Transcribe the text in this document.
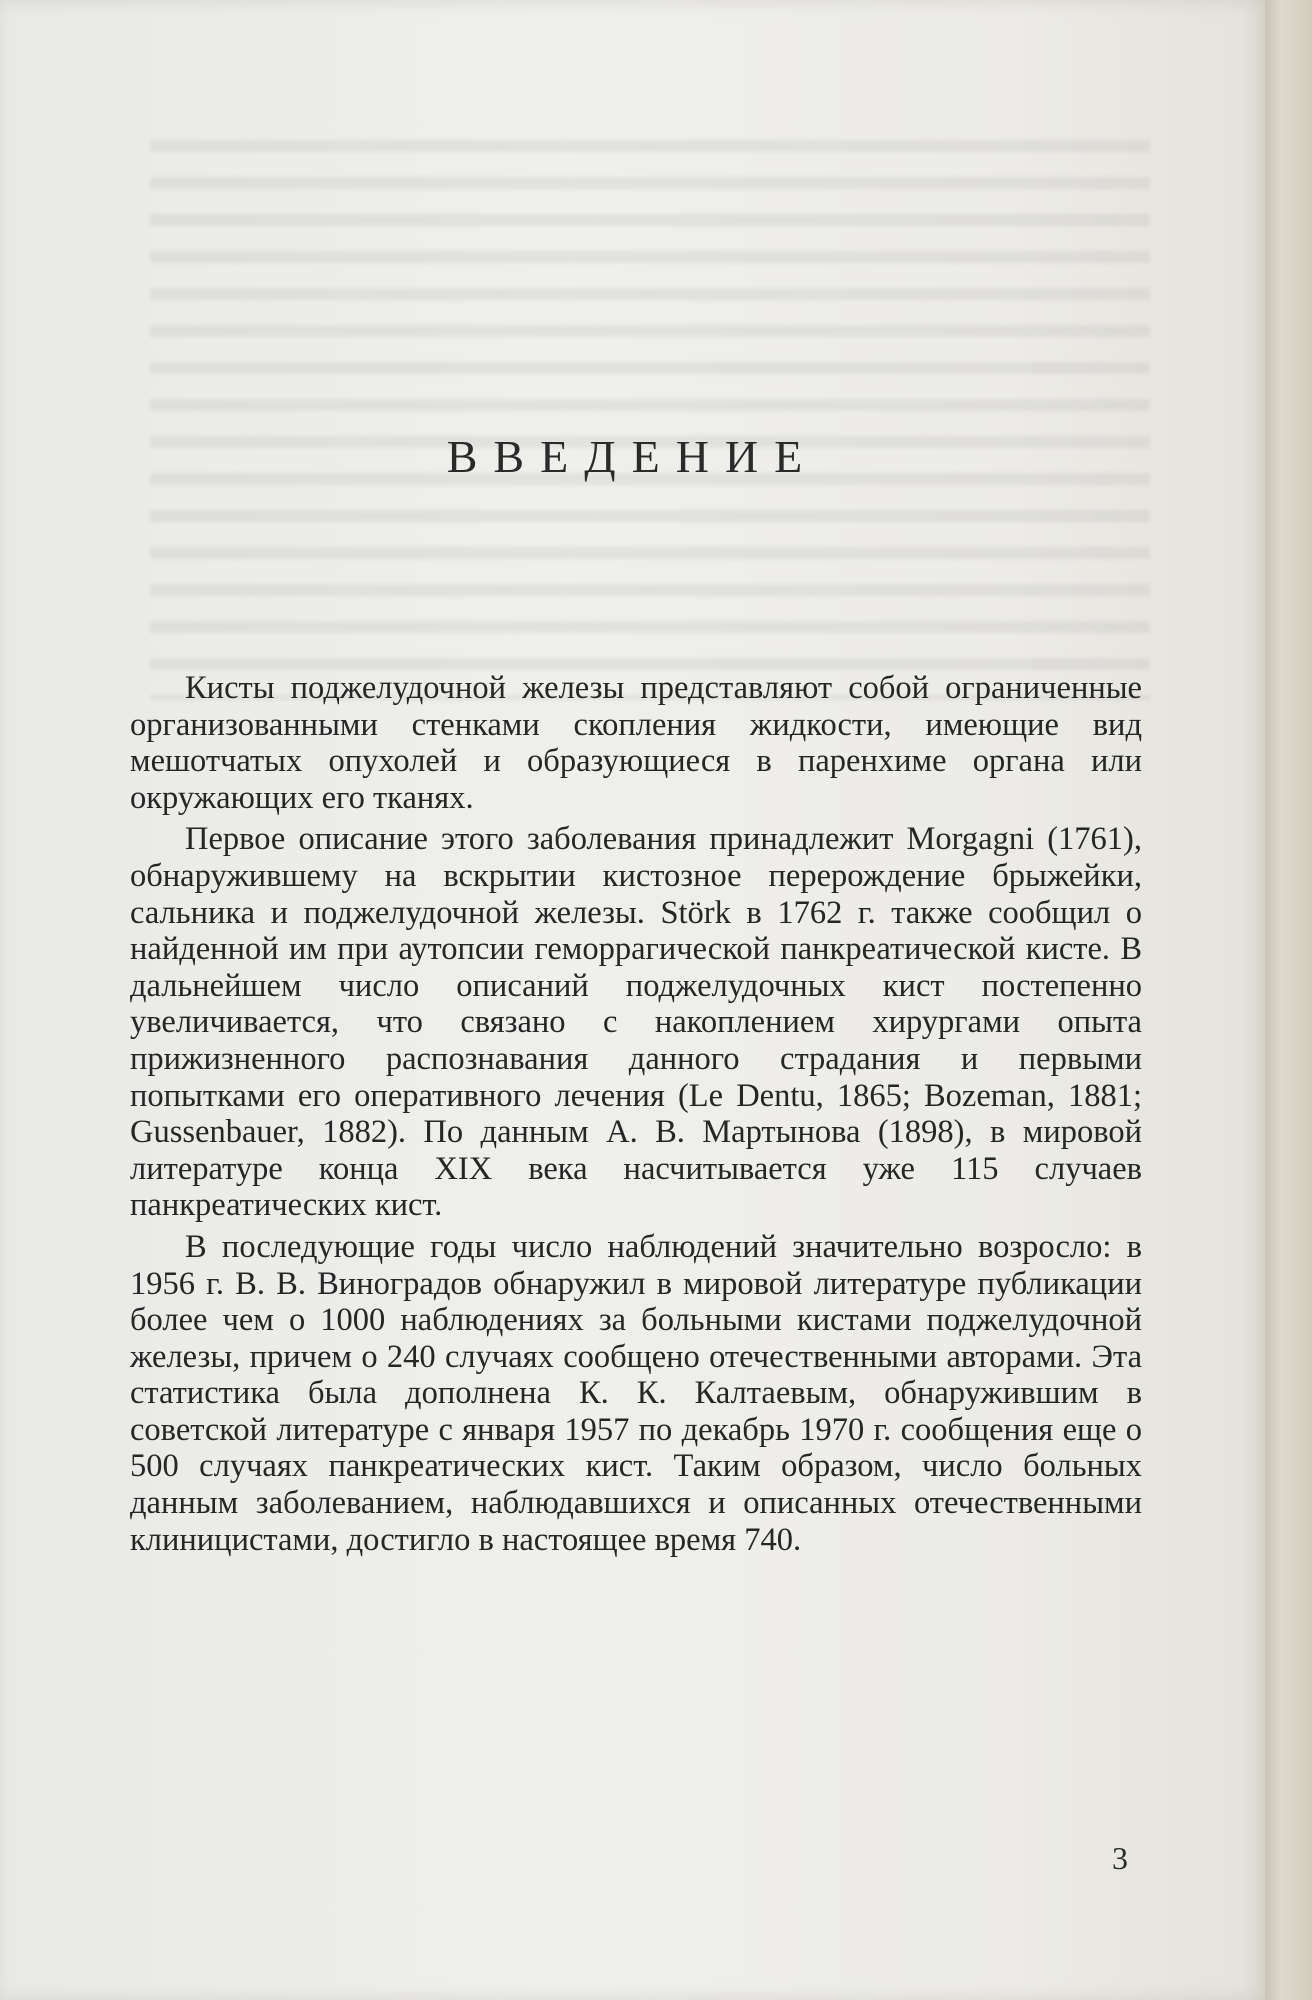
ВВЕДЕНИЕ

Кисты поджелудочной железы представляют собой ограниченные организованными стенками скопления жидкости, имеющие вид мешотчатых опухолей и образующиеся в паренхиме органа или окружающих его тканях.

Первое описание этого заболевания принадлежит Morgagni (1761), обнаружившему на вскрытии кистозное перерождение брыжейки, сальника и поджелудочной железы. Störk в 1762 г. также сообщил о найденной им при аутопсии геморрагической панкреатической кисте. В дальнейшем число описаний поджелудочных кист постепенно увеличивается, что связано с накоплением хирургами опыта прижизненного распознавания данного страдания и первыми попытками его оперативного лечения (Le Dentu, 1865; Bozeman, 1881; Gussenbauer, 1882). По данным А. В. Мартынова (1898), в мировой литературе конца XIX века насчитывается уже 115 случаев панкреатических кист.

В последующие годы число наблюдений значительно возросло: в 1956 г. В. В. Виноградов обнаружил в мировой литературе публикации более чем о 1000 наблюдениях за больными кистами поджелудочной железы, причем о 240 случаях сообщено отечественными авторами. Эта статистика была дополнена К. К. Калтаевым, обнаружившим в советской литературе с января 1957 по декабрь 1970 г. сообщения еще о 500 случаях панкреатических кист. Таким образом, число больных данным заболеванием, наблюдавшихся и описанных отечественными клиницистами, достигло в настоящее время 740.

3
